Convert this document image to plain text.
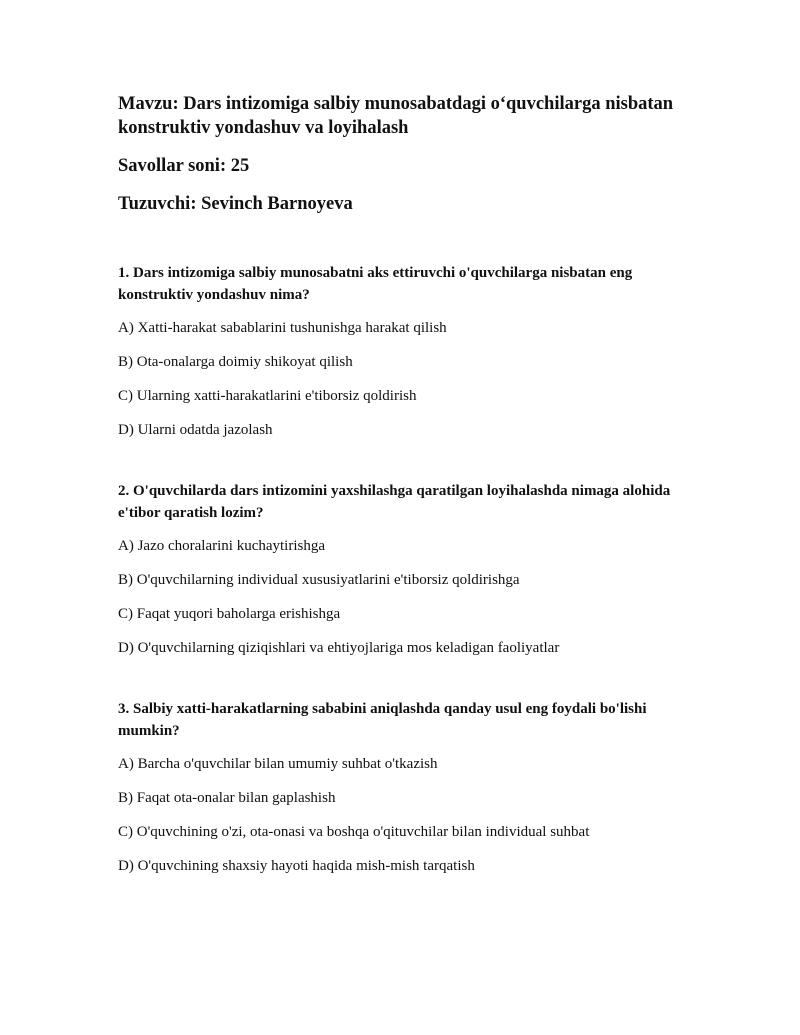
Mavzu: Dars intizomiga salbiy munosabatdagi o‘quvchilarga nisbatan konstruktiv yondashuv va loyihalash
Savollar soni: 25
Tuzuvchi: Sevinch Barnoyeva
1. Dars intizomiga salbiy munosabatni aks ettiruvchi o'quvchilarga nisbatan eng konstruktiv yondashuv nima?
A) Xatti-harakat sabablarini tushunishga harakat qilish
B) Ota-onalarga doimiy shikoyat qilish
C) Ularning xatti-harakatlarini e'tiborsiz qoldirish
D) Ularni odatda jazolash
2. O'quvchilarda dars intizomini yaxshilashga qaratilgan loyihalashda nimaga alohida e'tibor qaratish lozim?
A) Jazo choralarini kuchaytirishga
B) O'quvchilarning individual xususiyatlarini e'tiborsiz qoldirishga
C) Faqat yuqori baholarga erishishga
D) O'quvchilarning qiziqishlari va ehtiyojlariga mos keladigan faoliyatlar
3. Salbiy xatti-harakatlarning sababini aniqlashda qanday usul eng foydali bo'lishi mumkin?
A) Barcha o'quvchilar bilan umumiy suhbat o'tkazish
B) Faqat ota-onalar bilan gaplashish
C) O'quvchining o'zi, ota-onasi va boshqa o'qituvchilar bilan individual suhbat
D) O'quvchining shaxsiy hayoti haqida mish-mish tarqatish
